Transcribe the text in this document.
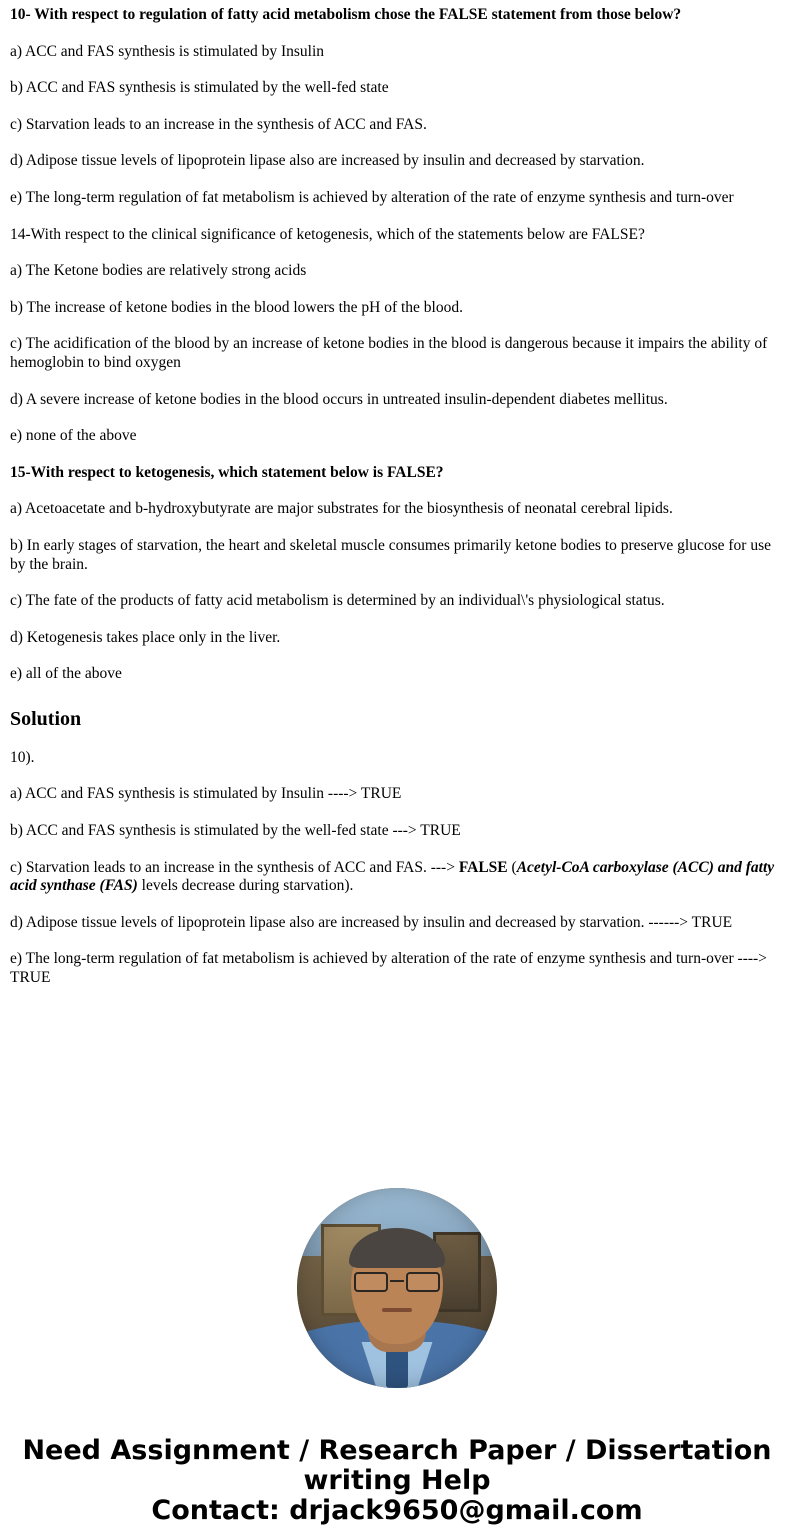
10- With respect to regulation of fatty acid metabolism chose the FALSE statement from those below?

a) ACC and FAS synthesis is stimulated by Insulin

b) ACC and FAS synthesis is stimulated by the well-fed state

c) Starvation leads to an increase in the synthesis of ACC and FAS.

d) Adipose tissue levels of lipoprotein lipase also are increased by insulin and decreased by starvation.

e) The long-term regulation of fat metabolism is achieved by alteration of the rate of enzyme synthesis and turn-over

14-With respect to the clinical significance of ketogenesis, which of the statements below are FALSE?

a) The Ketone bodies are relatively strong acids

b) The increase of ketone bodies in the blood lowers the pH of the blood.

c) The acidification of the blood by an increase of ketone bodies in the blood is dangerous because it impairs the ability of hemoglobin to bind oxygen

d) A severe increase of ketone bodies in the blood occurs in untreated insulin-dependent diabetes mellitus.

e) none of the above

15-With respect to ketogenesis, which statement below is FALSE?

a) Acetoacetate and b-hydroxybutyrate are major substrates for the biosynthesis of neonatal cerebral lipids.

b) In early stages of starvation, the heart and skeletal muscle consumes primarily ketone bodies to preserve glucose for use by the brain.

c) The fate of the products of fatty acid metabolism is determined by an individual\'s physiological status.

d) Ketogenesis takes place only in the liver.

e) all of the above

Solution

10).

a) ACC and FAS synthesis is stimulated by Insulin ----> TRUE

b) ACC and FAS synthesis is stimulated by the well-fed state ---> TRUE

c) Starvation leads to an increase in the synthesis of ACC and FAS. ---> FALSE (Acetyl-CoA carboxylase (ACC) and fatty acid synthase (FAS) levels decrease during starvation).

d) Adipose tissue levels of lipoprotein lipase also are increased by insulin and decreased by starvation. ------> TRUE

e) The long-term regulation of fat metabolism is achieved by alteration of the rate of enzyme synthesis and turn-over ----> TRUE

Need Assignment / Research Paper / Dissertation
writing Help
Contact: drjack9650@gmail.com
